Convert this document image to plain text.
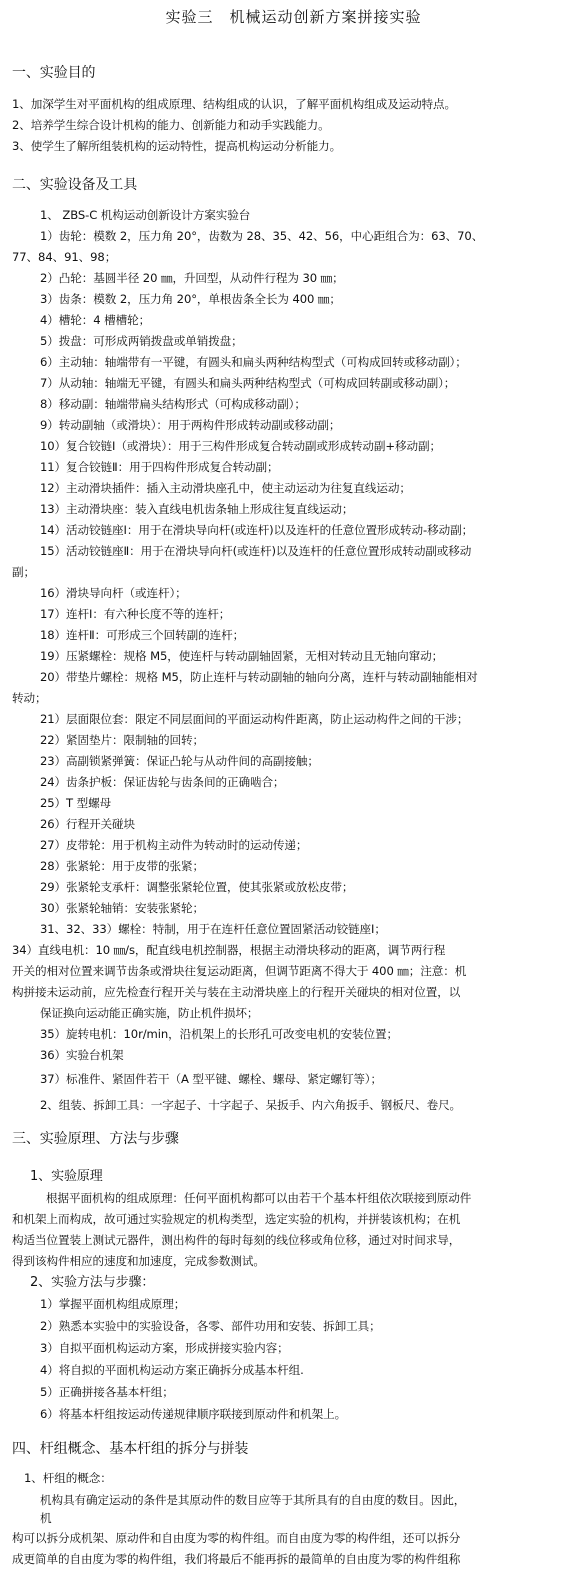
实验三　机械运动创新方案拼接实验
一、实验目的
1、加深学生对平面机构的组成原理、结构组成的认识，了解平面机构组成及运动特点。
2、培养学生综合设计机构的能力、创新能力和动手实践能力。
3、使学生了解所组装机构的运动特性，提高机构运动分析能力。
二、实验设备及工具
1、 ZBS-C 机构运动创新设计方案实验台
1）齿轮：模数 2，压力角 20°，齿数为 28、35、42、56，中心距组合为：63、70、
77、84、91、98；
2）凸轮：基圆半径 20 ㎜，升回型，从动件行程为 30 ㎜；
3）齿条：模数 2，压力角 20°，单根齿条全长为 400 ㎜；
4）槽轮：4 槽槽轮；
5）拨盘：可形成两销拨盘或单销拨盘；
6）主动轴：轴端带有一平键，有圆头和扁头两种结构型式（可构成回转或移动副）；
7）从动轴：轴端无平键，有圆头和扁头两种结构型式（可构成回转副或移动副）；
8）移动副：轴端带扁头结构形式（可构成移动副）；
9）转动副轴（或滑块）：用于两构件形成转动副或移动副；
10）复合铰链Ⅰ（或滑块）：用于三构件形成复合转动副或形成转动副+移动副；
11）复合铰链Ⅱ：用于四构件形成复合转动副；
12）主动滑块插件：插入主动滑块座孔中，使主动运动为往复直线运动；
13）主动滑块座：装入直线电机齿条轴上形成往复直线运动；
14）活动铰链座Ⅰ：用于在滑块导向杆(或连杆)以及连杆的任意位置形成转动-移动副；
15）活动铰链座Ⅱ：用于在滑块导向杆(或连杆)以及连杆的任意位置形成转动副或移动
副；
16）滑块导向杆（或连杆）；
17）连杆Ⅰ：有六种长度不等的连杆；
18）连杆Ⅱ：可形成三个回转副的连杆；
19）压紧螺栓：规格 M5，使连杆与转动副轴固紧，无相对转动且无轴向窜动；
20）带垫片螺栓：规格 M5，防止连杆与转动副轴的轴向分离，连杆与转动副轴能相对
转动；
21）层面限位套：限定不同层面间的平面运动构件距离，防止运动构件之间的干涉；
22）紧固垫片：限制轴的回转；
23）高副锁紧弹簧：保证凸轮与从动件间的高副接触；
24）齿条护板：保证齿轮与齿条间的正确啮合；
25）T 型螺母
26）行程开关碰块
27）皮带轮：用于机构主动件为转动时的运动传递；
28）张紧轮：用于皮带的张紧；
29）张紧轮支承杆：调整张紧轮位置，使其张紧或放松皮带；
30）张紧轮轴销：安装张紧轮；
31、32、33）螺栓：特制，用于在连杆任意位置固紧活动铰链座Ⅰ；
34）直线电机：10 ㎜/s，配直线电机控制器，根据主动滑块移动的距离，调节两行程
开关的相对位置来调节齿条或滑块往复运动距离，但调节距离不得大于 400 ㎜；注意：机
构拼接未运动前，应先检查行程开关与装在主动滑块座上的行程开关碰块的相对位置，以
保证换向运动能正确实施，防止机件损坏；
35）旋转电机：10r/min，沿机架上的长形孔可改变电机的安装位置；
36）实验台机架
37）标准件、紧固件若干（A 型平键、螺栓、螺母、紧定螺钉等）；
2、组装、拆卸工具：一字起子、十字起子、呆扳手、内六角扳手、钢板尺、卷尺。
三、实验原理、方法与步骤
1、实验原理
根据平面机构的组成原理：任何平面机构都可以由若干个基本杆组依次联接到原动件
和机架上而构成，故可通过实验规定的机构类型，选定实验的机构，并拼装该机构；在机
构适当位置装上测试元器件，测出构件的每时每刻的线位移或角位移，通过对时间求导，
得到该构件相应的速度和加速度，完成参数测试。
2、实验方法与步骤：
1）掌握平面机构组成原理；
2）熟悉本实验中的实验设备，各零、部件功用和安装、拆卸工具；
3）自拟平面机构运动方案，形成拼接实验内容；
4）将自拟的平面机构运动方案正确拆分成基本杆组.
5）正确拼接各基本杆组；
6）将基本杆组按运动传递规律顺序联接到原动件和机架上。
四、杆组概念、基本杆组的拆分与拼装
1、杆组的概念：
机构具有确定运动的条件是其原动件的数目应等于其所具有的自由度的数目。因此，
机
构可以拆分成机架、原动件和自由度为零的构件组。而自由度为零的构件组，还可以拆分
成更简单的自由度为零的构件组，我们将最后不能再拆的最简单的自由度为零的构件组称
